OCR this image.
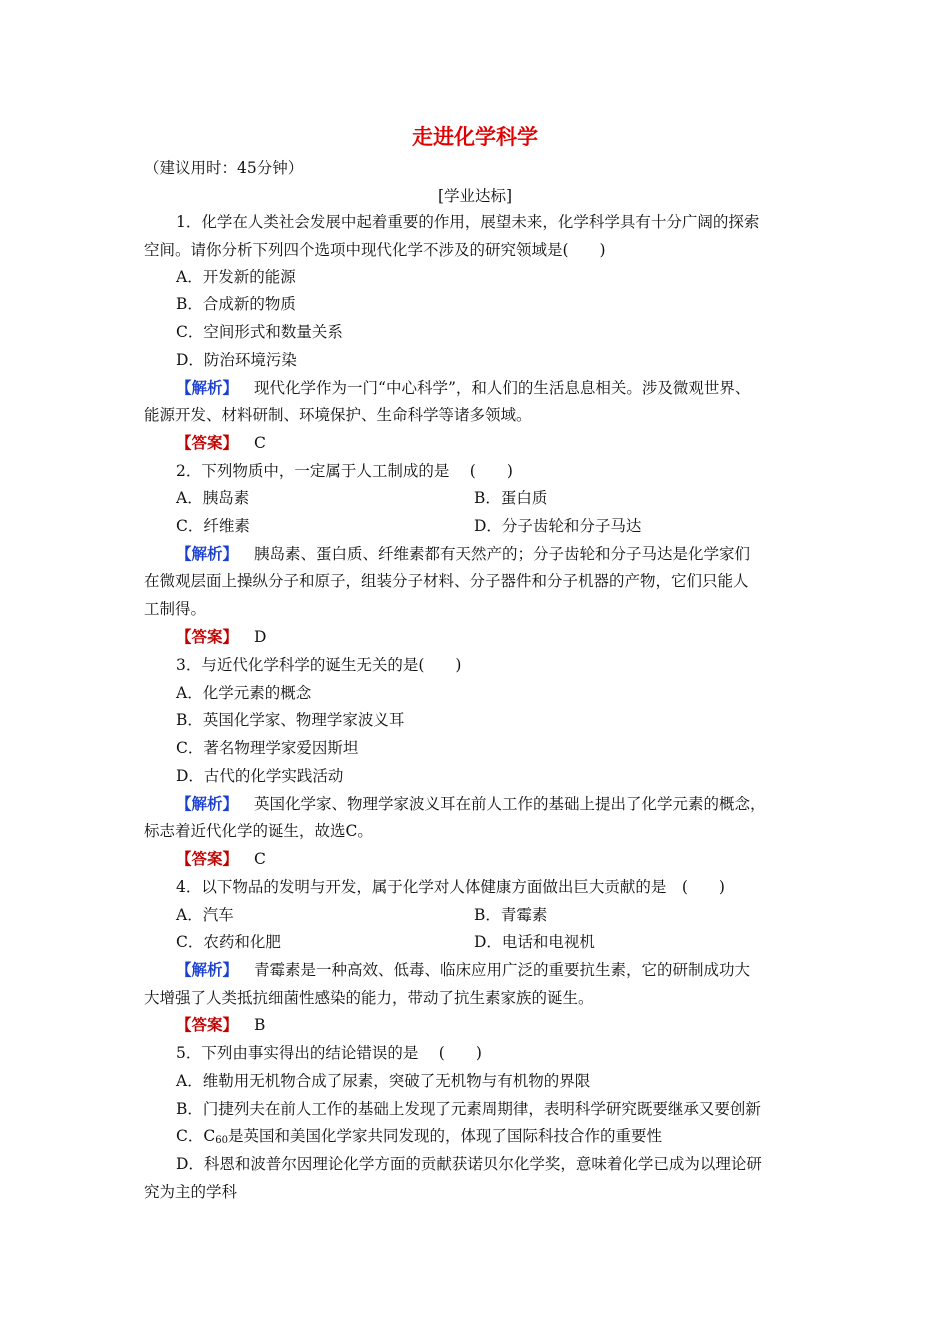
走进化学科学
（建议用时：45分钟）
[学业达标]
1．化学在人类社会发展中起着重要的作用，展望未来，化学科学具有十分广阔的探索
空间。请你分析下列四个选项中现代化学不涉及的研究领域是(　　)
A．开发新的能源
B．合成新的物质
C．空间形式和数量关系
D．防治环境污染
【解析】 现代化学作为一门“中心科学”，和人们的生活息息相关。涉及微观世界、
能源开发、材料研制、环境保护、生命科学等诸多领域。
【答案】 C
2．下列物质中，一定属于人工制成的是　 (　　)
A．胰岛素	B．蛋白质
C．纤维素	D．分子齿轮和分子马达
【解析】 胰岛素、蛋白质、纤维素都有天然产的；分子齿轮和分子马达是化学家们
在微观层面上操纵分子和原子，组装分子材料、分子器件和分子机器的产物，它们只能人
工制得。
【答案】 D
3．与近代化学科学的诞生无关的是(　　)
A．化学元素的概念
B．英国化学家、物理学家波义耳
C．著名物理学家爱因斯坦
D．古代的化学实践活动
【解析】 英国化学家、物理学家波义耳在前人工作的基础上提出了化学元素的概念，
标志着近代化学的诞生，故选C。
【答案】 C
4．以下物品的发明与开发，属于化学对人体健康方面做出巨大贡献的是　(　　)
A．汽车	B．青霉素
C．农药和化肥	D．电话和电视机
【解析】 青霉素是一种高效、低毒、临床应用广泛的重要抗生素，它的研制成功大
大增强了人类抵抗细菌性感染的能力，带动了抗生素家族的诞生。
【答案】 B
5．下列由事实得出的结论错误的是　 (　　)
A．维勒用无机物合成了尿素，突破了无机物与有机物的界限
B．门捷列夫在前人工作的基础上发现了元素周期律，表明科学研究既要继承又要创新
C．$C_{60}$是英国和美国化学家共同发现的，体现了国际科技合作的重要性
D．科恩和波普尔因理论化学方面的贡献获诺贝尔化学奖，意味着化学已成为以理论研
究为主的学科
